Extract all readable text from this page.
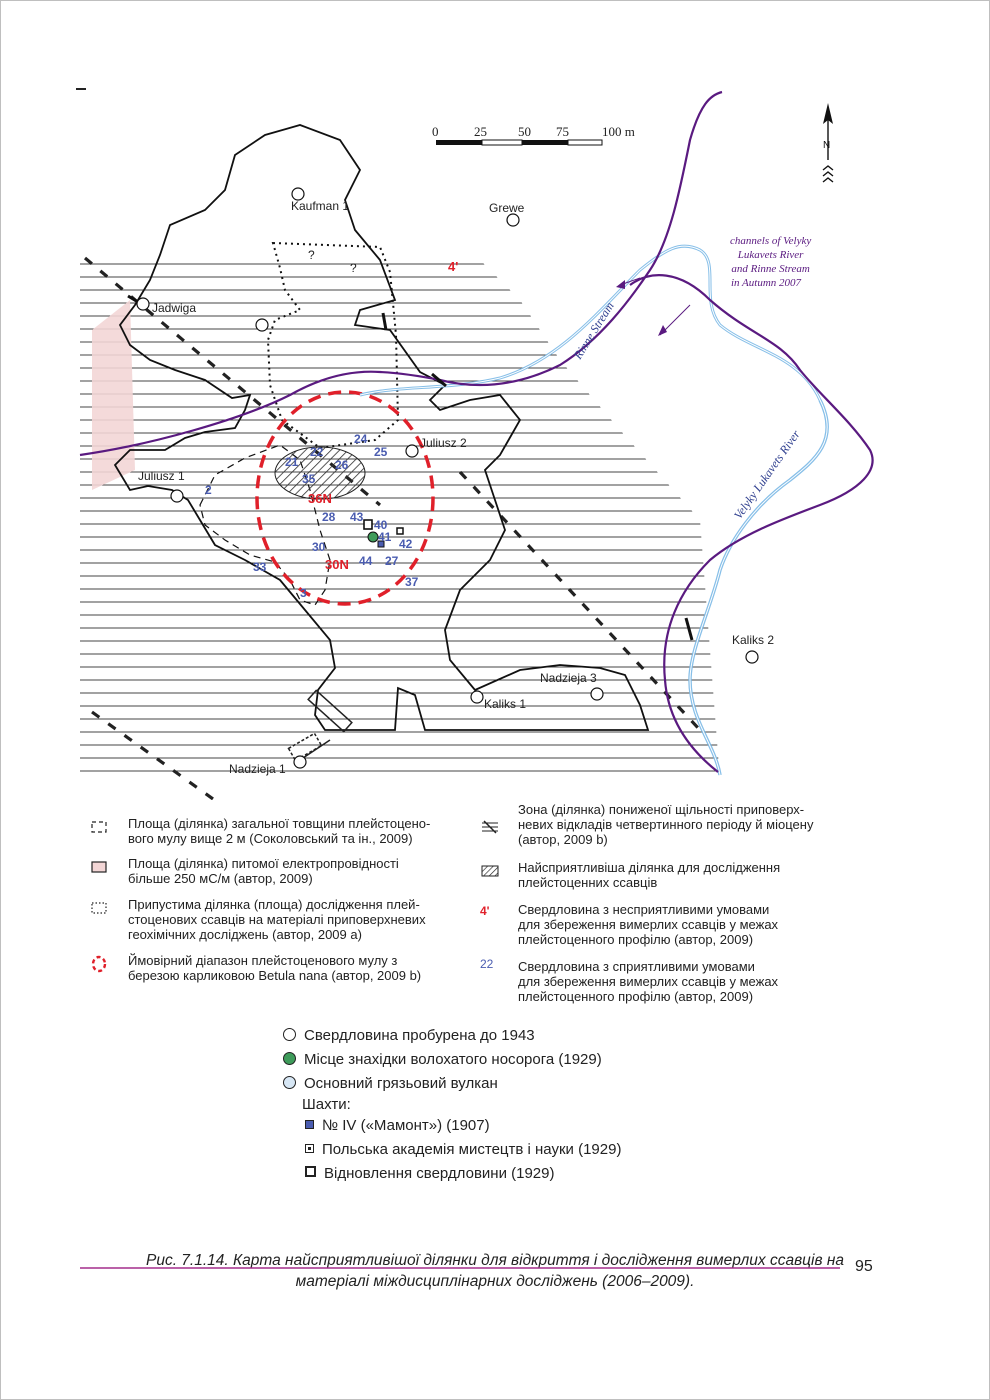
?
?
0	25 50 75	100 m
N
Rinne Stream
Velyky Lukavets River
channels of Velyky Lukavets River and Rinne Stream in Autumn 2007
Kaufman 1	Grewe
Jadwiga
Juliusz 1
Juliusz 2
Kaliks 1
Kaliks 2
Nadzieja 1
Nadzieja 3
2
3
21
22
24
25
26
27
28
30
33
35
37
40
41 42
43
44
4'
36N
30N
Площа (ділянка) загальної товщини плейстоцено-
вого мулу вище 2 м (Соколовський та ін., 2009)
Площа (ділянка) питомої електропровідності
більше 250 мС/м (автор, 2009)
Припустима ділянка (площа) дослідження плей-
стоценових ссавців на матеріалі приповерхневих
геохімічних досліджень (автор, 2009 а)
Ймовірний діапазон плейстоценового мулу з
березою карликовою Betula nana (автор, 2009 b)
Зона (ділянка) пониженої щільності приповерх-
невих відкладів четвертинного періоду й міоцену
(автор, 2009 b)
Найсприятливіша ділянка для дослідження
плейстоценних ссавців
4'	Свердловина з несприятливими умовами
для збереження вимерлих ссавців у межах
плейстоценного профілю (автор, 2009)
22	Свердловина з сприятливими умовами
для збереження вимерлих ссавців у межах
плейстоценного профілю (автор, 2009)
Свердловина пробурена до 1943
Місце знахідки волохатого носорога (1929)
Основний грязьовий вулкан
Шахти:
№ IV («Мамонт») (1907)
Польська академія мистецтв і науки (1929)
Відновлення свердловини (1929)
Рис. 7.1.14. Карта найсприятливішої ділянки для відкриття і дослідження вимерлих ссавців на
матеріалі міждисциплінарних досліджень (2006–2009).
95
